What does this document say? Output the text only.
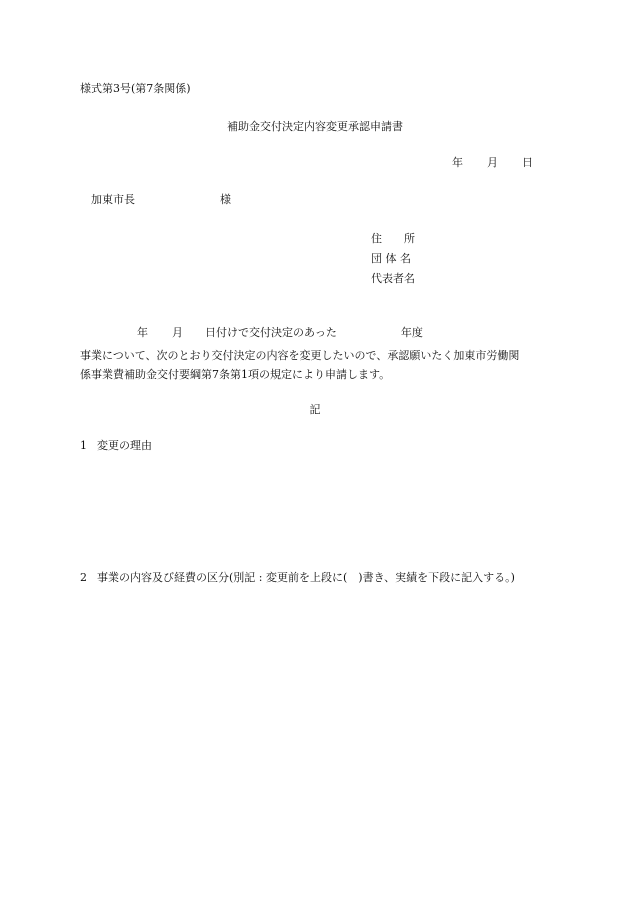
様式第3号(第7条関係)
補助金交付決定内容変更承認申請書
年 月 日
加東市長	様
住　　所
団 体 名
代表者名
年 月 日付けで交付決定のあった	年度
事業について、次のとおり交付決定の内容を変更したいので、承認願いたく加東市労働関
係事業費補助金交付要綱第7条第1項の規定により申請します。
記
1 変更の理由
2 事業の内容及び経費の区分(別記 : 変更前を上段に(　)書き、実績を下段に記入する。)
